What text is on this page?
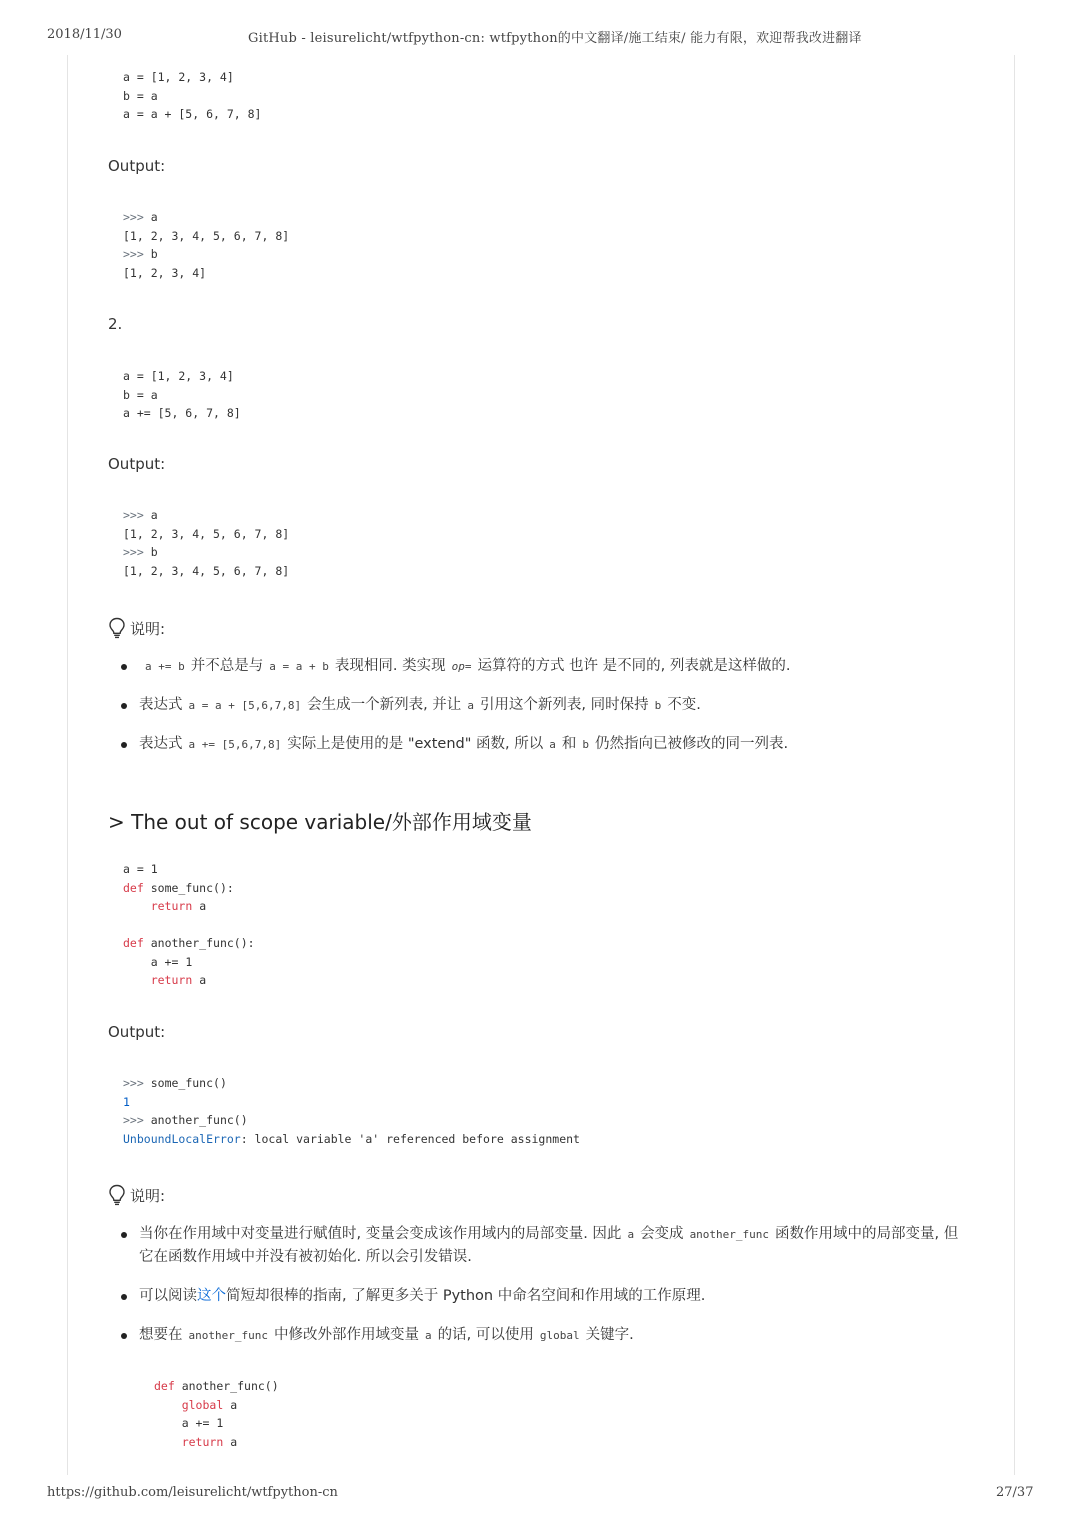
2018/11/30	GitHub - leisurelicht/wtfpython-cn: wtfpython的中文翻译/施工结束/ 能力有限，欢迎帮我改进翻译
a = [1, 2, 3, 4]
b = a
a = a + [5, 6, 7, 8]
Output:
>>> a
[1, 2, 3, 4, 5, 6, 7, 8]
>>> b
[1, 2, 3, 4]
2.
a = [1, 2, 3, 4]
b = a
a += [5, 6, 7, 8]
Output:
>>> a
[1, 2, 3, 4, 5, 6, 7, 8]
>>> b
[1, 2, 3, 4, 5, 6, 7, 8]
说明:
a += b 并不总是与 a = a + b 表现相同. 类实现 op= 运算符的方式 也许 是不同的, 列表就是这样做的.
表达式 a = a + [5,6,7,8] 会生成一个新列表, 并让 a 引用这个新列表, 同时保持 b 不变.
表达式 a += [5,6,7,8] 实际上是使用的是 "extend" 函数, 所以 a 和 b 仍然指向已被修改的同一列表.
> The out of scope variable/外部作用域变量
a = 1
def some_func():
return a

def another_func():
a += 1
return a
Output:
>>> some_func()
1
>>> another_func()
UnboundLocalError: local variable 'a' referenced before assignment
说明:
当你在作用域中对变量进行赋值时, 变量会变成该作用域内的局部变量. 因此 a 会变成 another_func 函数作用域中的局部变量, 但它在函数作用域中并没有被初始化. 所以会引发错误.
可以阅读这个简短却很棒的指南, 了解更多关于 Python 中命名空间和作用域的工作原理.
想要在 another_func 中修改外部作用域变量 a 的话, 可以使用 global 关键字.
def another_func()
global a
a += 1
return a
https://github.com/leisurelicht/wtfpython-cn	27/37
